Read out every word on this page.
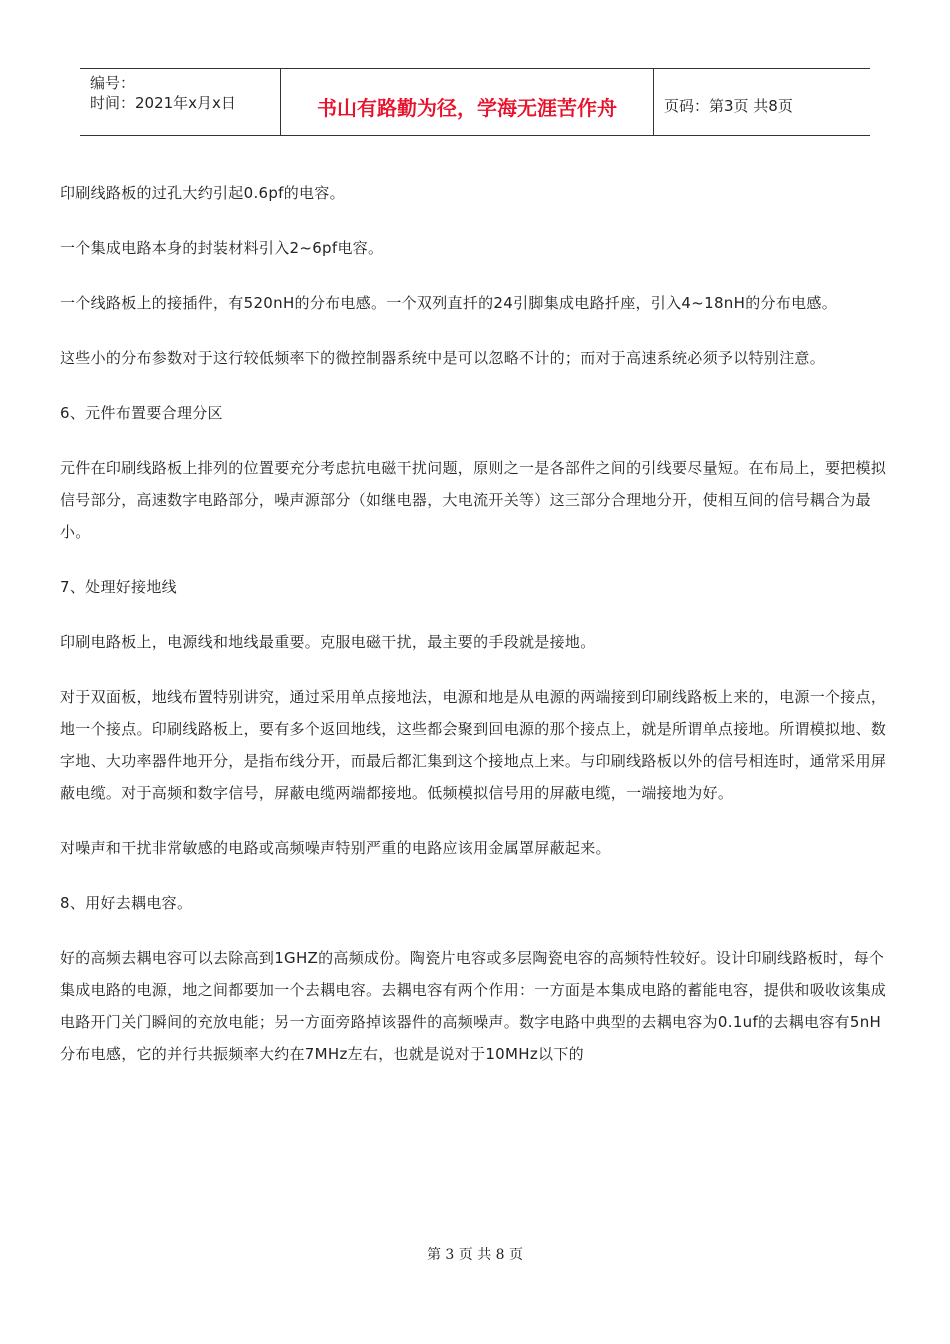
编号：
时间：2021年x月x日	书山有路勤为径，学海无涯苦作舟	页码：第3页 共8页

印刷线路板的过孔大约引起0.6pf的电容。

一个集成电路本身的封装材料引入2~6pf电容。

一个线路板上的接插件，有520nH的分布电感。一个双列直扦的24引脚集成电路扦座，引入4~18nH的分布电感。

这些小的分布参数对于这行较低频率下的微控制器系统中是可以忽略不计的；而对于高速系统必须予以特别注意。

6、元件布置要合理分区

元件在印刷线路板上排列的位置要充分考虑抗电磁干扰问题，原则之一是各部件之间的引线要尽量短。在布局上，要把模拟信号部分，高速数字电路部分，噪声源部分（如继电器，大电流开关等）这三部分合理地分开，使相互间的信号耦合为最小。

7、处理好接地线

印刷电路板上，电源线和地线最重要。克服电磁干扰，最主要的手段就是接地。

对于双面板，地线布置特别讲究，通过采用单点接地法，电源和地是从电源的两端接到印刷线路板上来的，电源一个接点，地一个接点。印刷线路板上，要有多个返回地线，这些都会聚到回电源的那个接点上，就是所谓单点接地。所谓模拟地、数字地、大功率器件地开分，是指布线分开，而最后都汇集到这个接地点上来。与印刷线路板以外的信号相连时，通常采用屏蔽电缆。对于高频和数字信号，屏蔽电缆两端都接地。低频模拟信号用的屏蔽电缆，一端接地为好。

对噪声和干扰非常敏感的电路或高频噪声特别严重的电路应该用金属罩屏蔽起来。

8、用好去耦电容。

好的高频去耦电容可以去除高到1GHZ的高频成份。陶瓷片电容或多层陶瓷电容的高频特性较好。设计印刷线路板时，每个集成电路的电源，地之间都要加一个去耦电容。去耦电容有两个作用：一方面是本集成电路的蓄能电容，提供和吸收该集成电路开门关门瞬间的充放电能；另一方面旁路掉该器件的高频噪声。数字电路中典型的去耦电容为0.1uf的去耦电容有5nH分布电感，它的并行共振频率大约在7MHz左右，也就是说对于10MHz以下的

第 3 页 共 8 页
